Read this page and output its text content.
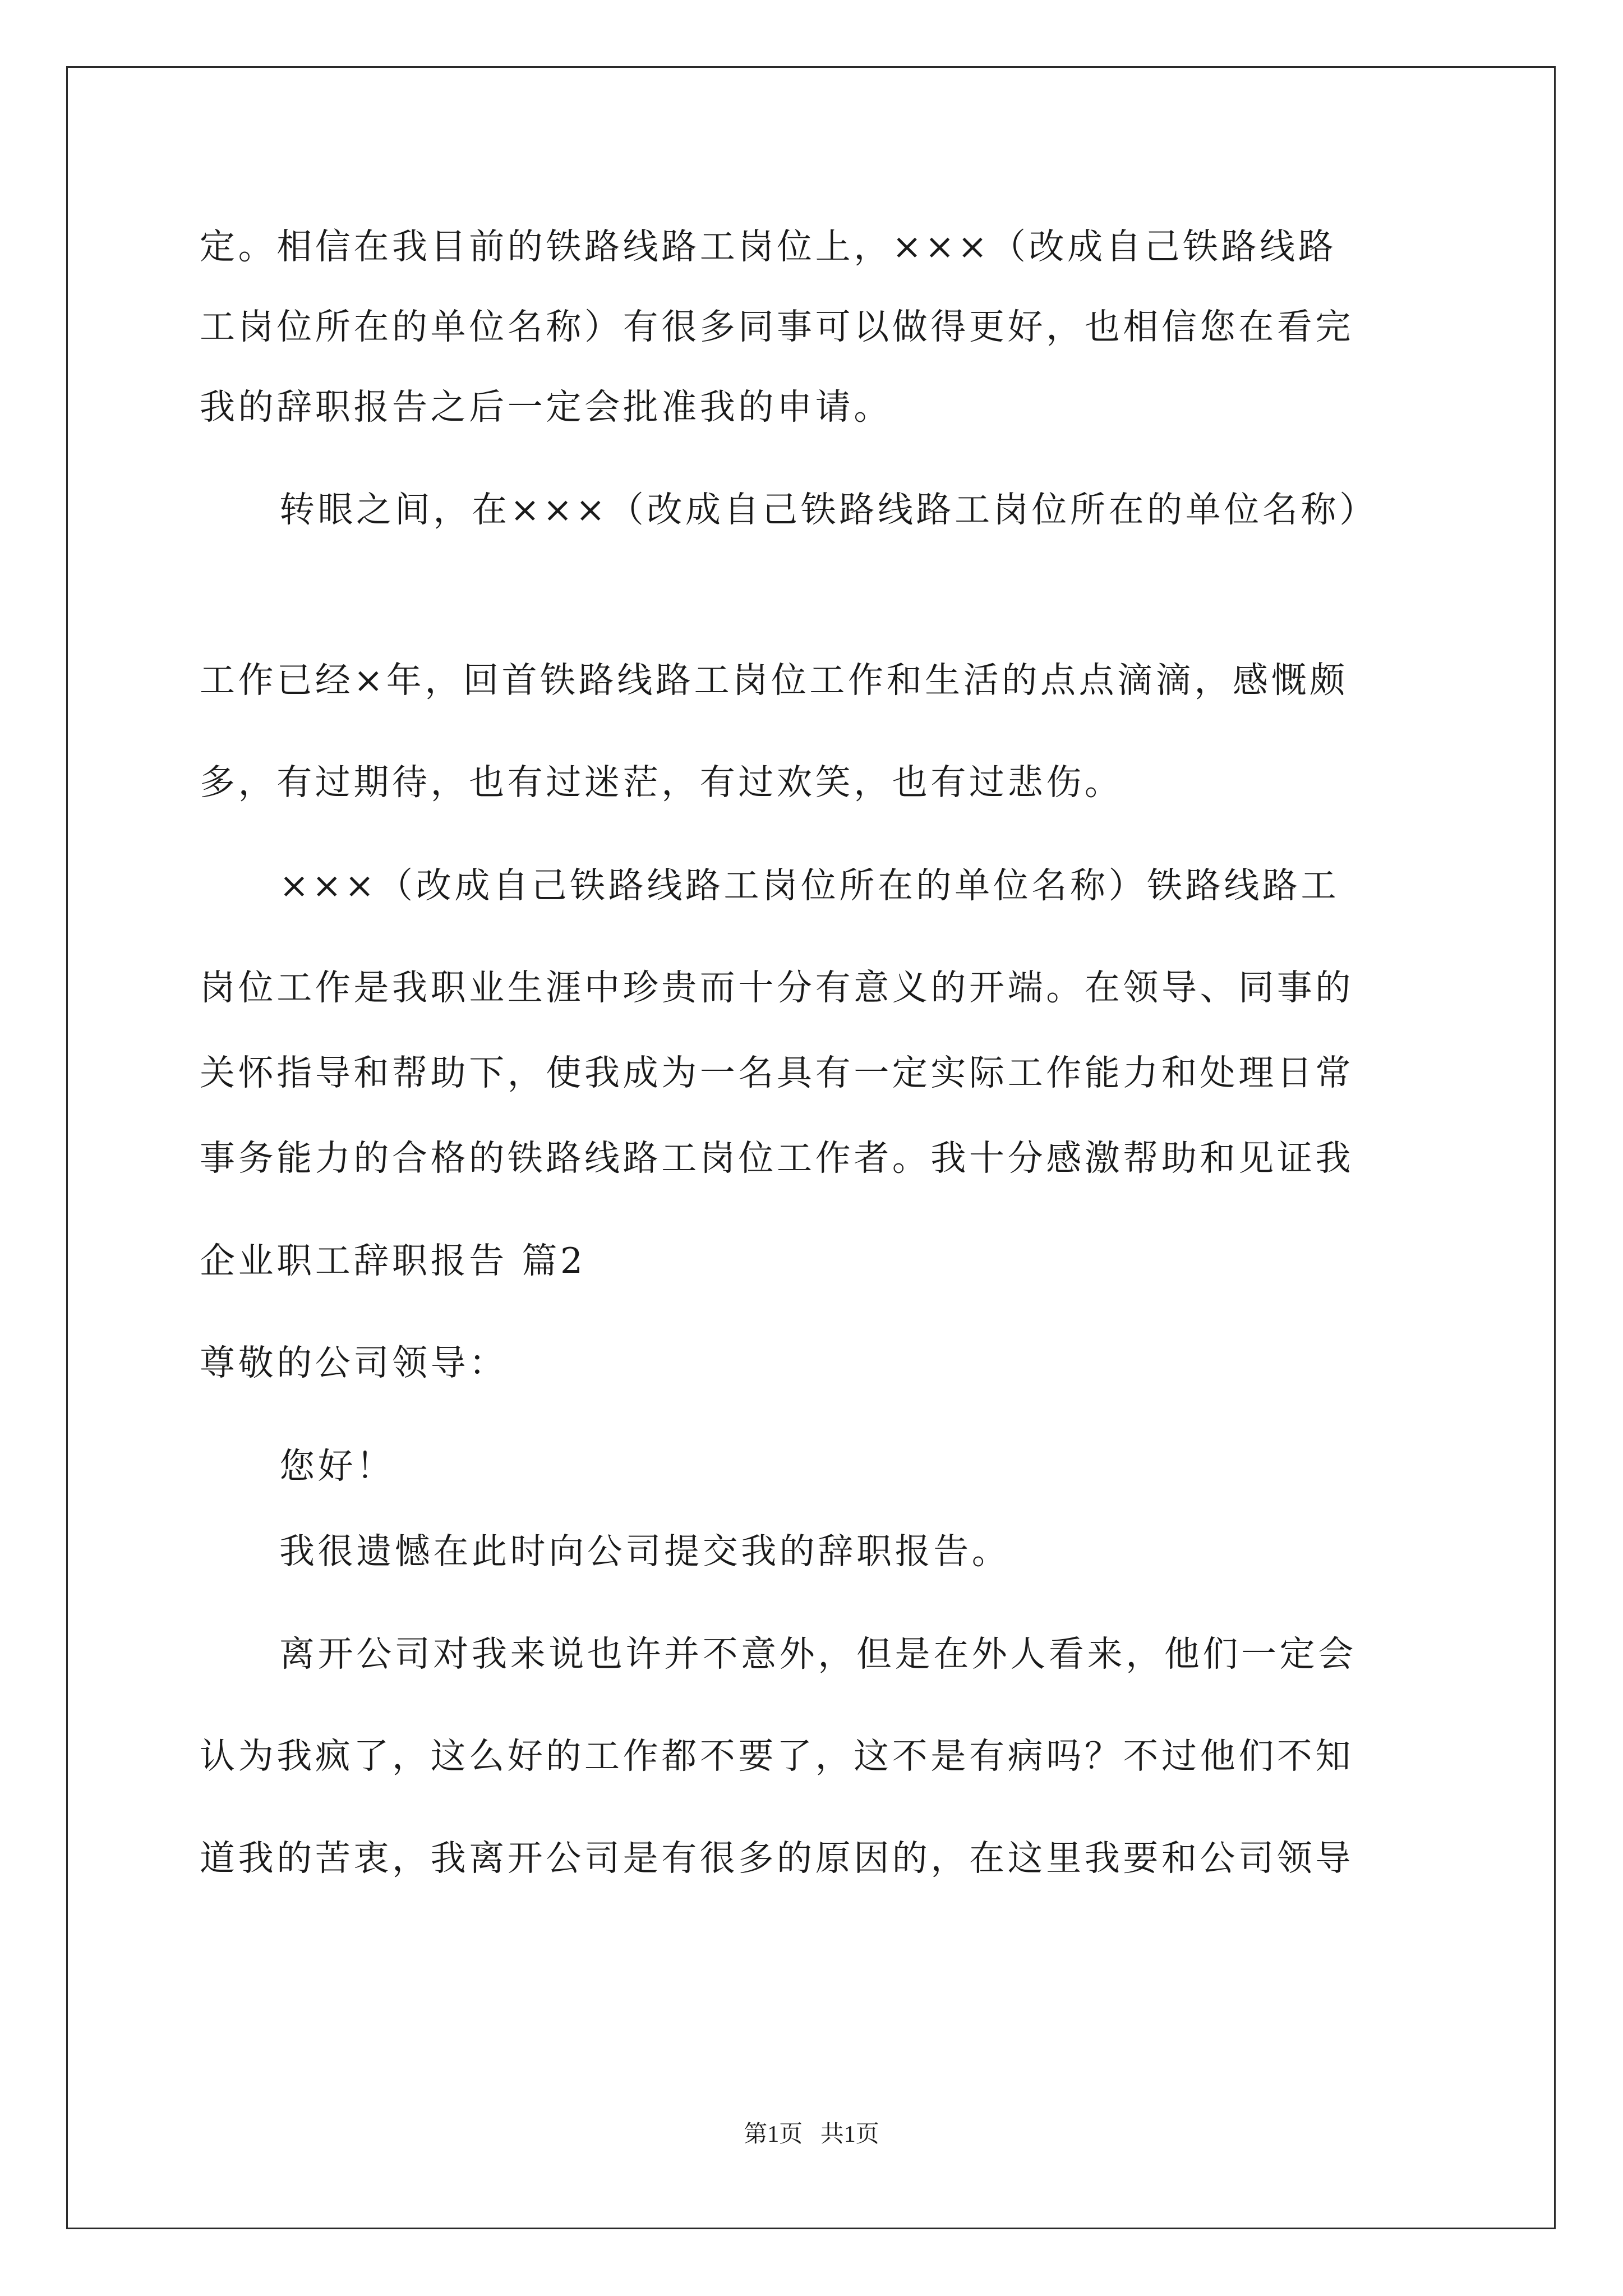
定。相信在我目前的铁路线路工岗位上，×××（改成自己铁路线路
工岗位所在的单位名称）有很多同事可以做得更好，也相信您在看完
我的辞职报告之后一定会批准我的申请。
转眼之间，在×××（改成自己铁路线路工岗位所在的单位名称）
工作已经×年，回首铁路线路工岗位工作和生活的点点滴滴，感慨颇
多，有过期待，也有过迷茫，有过欢笑，也有过悲伤。
×××（改成自己铁路线路工岗位所在的单位名称）铁路线路工
岗位工作是我职业生涯中珍贵而十分有意义的开端。在领导、同事的
关怀指导和帮助下，使我成为一名具有一定实际工作能力和处理日常
事务能力的合格的铁路线路工岗位工作者。我十分感激帮助和见证我
企业职工辞职报告 篇2
尊敬的公司领导：
您好！
我很遗憾在此时向公司提交我的辞职报告。
离开公司对我来说也许并不意外，但是在外人看来，他们一定会
认为我疯了，这么好的工作都不要了，这不是有病吗？不过他们不知
道我的苦衷，我离开公司是有很多的原因的，在这里我要和公司领导
第1页   共1页
